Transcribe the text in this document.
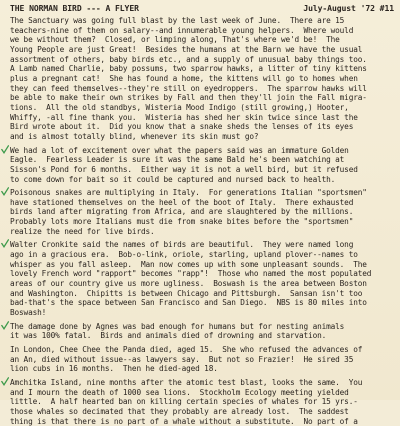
THE NORMAN BIRD --- A FLYER	July-August '72 #11
The Sanctuary was going full blast by the last week of June.  There are 15
teachers-nine of them on salary--and innumerable young helpers.  Where would
we be without them?  Closed, or limping along, That's where we'd be!  The
Young People are just Great!  Besides the humans at the Barn we have the usual
assortment of others, baby birds etc., and a supply of unusual baby things too.
A Lamb named Charlie, baby possums, two sparrow hawks, a litter of tiny kittens
plus a pregnant cat!  She has found a home, the kittens will go to homes when
they can feed themselves--they're still on eyedroppers.  The sparrow hawks will
be able to make their own strikes by Fall and then they'll join the Fall migra-
tions.  All the old standbys, Wisteria Mood Indigo (still growing,) Hooter,
Whiffy, -all fine thank you.  Wisteria has shed her skin twice since last the
Bird wrote about it.  Did you know that a snake sheds the lenses of its eyes
and is almost totally blind, whenever its skin must go?
We had a lot of excitement over what the papers said was an immature Golden
Eagle.  Fearless Leader is sure it was the same Bald he's been watching at
Sisson's Pond for 6 months.  Either way it is not a well bird, but it refused
to come down for bait so it could be captured and nursed back to health.
Poisonous snakes are multiplying in Italy.  For generations Italian "sportsmen"
have stationed themselves on the heel of the boot of Italy.  There exhausted
birds land after migrating from Africa, and are slaughtered by the millions.
Probably lots more Italians must die from snake bites before the "sportsmen"
realize the need for live birds.
Walter Cronkite said the names of birds are beautiful.  They were named long
ago in a gracious era.  Bob-o-link, oriole, starling, upland plover--names to
whisper as you fall asleep.  Man now comes up with some unpleasant sounds.  The
lovely French word "rapport" becomes "rapp"!  Those who named the most populated
areas of our country give us more ugliness.  Boswash is the area between Boston
and Washington.  Chipitts is between Chicago and Pittsburgh.  Sansan isn't too
bad-that's the space between San Francisco and San Diego.  NBS is 80 miles into
Boswash!
The damage done by Agnes was bad enough for humans but for nesting animals
it was 100% fatal.  Birds and animals died of drowning and starvation.
In London, Chee Chee the Panda died, aged 15.  She who refused the advances of
an An, died without issue--as lawyers say.  But not so Frazier!  He sired 35
lion cubs in 16 months.  Then he died-aged 18.
Amchitka Island, nine months after the atomic test blast, looks the same.  You
and I mourn the death of 1000 sea lions.  Stockholm Ecology meeting yielded
little.  A half hearted ban on killing certain species of whales for 15 yrs.-
those whales so decimated that they probably are already lost.  The saddest
thing is that there is no part of a whale without a substitute.  No part of a
